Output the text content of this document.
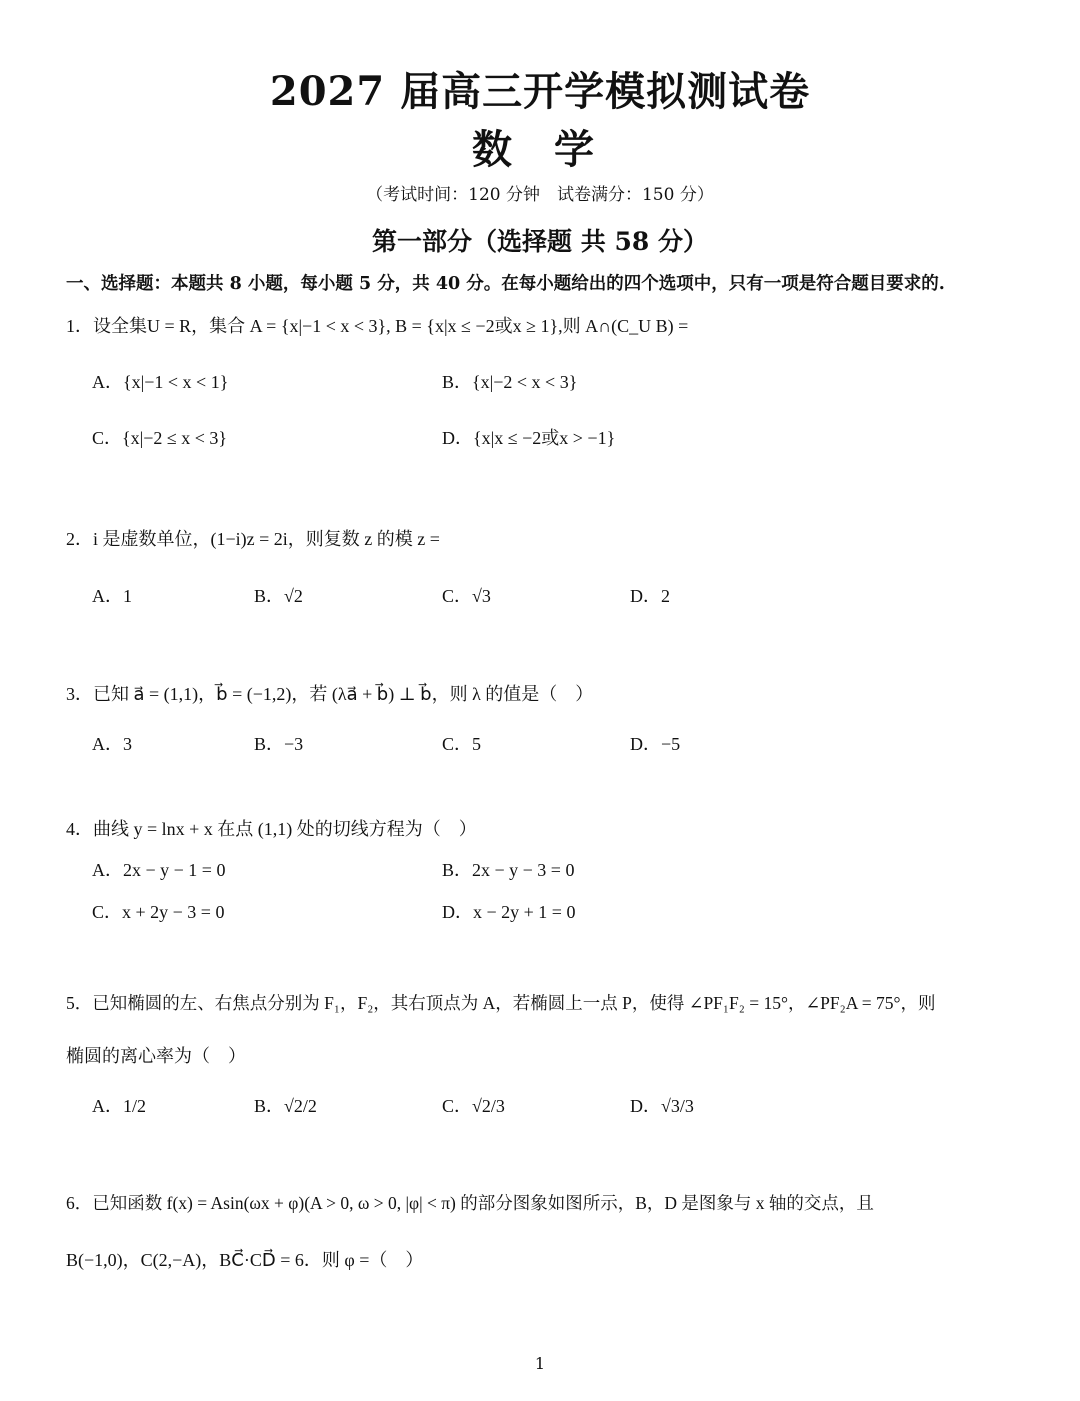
2027 届高三开学模拟测试卷
数 学
（考试时间：120 分钟　试卷满分：150 分）
第一部分（选择题 共 58 分）
一、选择题：本题共 8 小题，每小题 5 分，共 40 分。在每小题给出的四个选项中，只有一项是符合题目要求的.
1．设全集U = R，集合 A = {x|−1 < x < 3}, B = {x|x ≤ −2或x ≥ 1},则 A∩(C_U B) =
A．{x|−1 < x < 1}	B．{x|−2 < x < 3}
C．{x|−2 ≤ x < 3}	D．{x|x ≤ −2或x > −1}
2．i 是虚数单位，(1−i)z = 2i，则复数 z 的模 z =
A．1	B．√2	C．√3	D．2
3．已知 a⃗ = (1,1)，b⃗ = (−1,2)，若 (λa⃗ + b⃗) ⊥ b⃗，则 λ 的值是（　）
A．3	B．−3	C．5	D．−5
4．曲线 y = lnx + x 在点 (1,1) 处的切线方程为（　）
A．2x − y − 1 = 0	B．2x − y − 3 = 0
C．x + 2y − 3 = 0	D．x − 2y + 1 = 0
5．已知椭圆的左、右焦点分别为 F₁，F₂，其右顶点为 A，若椭圆上一点 P，使得 ∠PF₁F₂ = 15°，∠PF₂A = 75°，则
椭圆的离心率为（　）
A．1/2	B．√2/2	C．√2/3	D．√3/3
6．已知函数 f(x) = Asin(ωx + φ)(A > 0, ω > 0, |φ| < π) 的部分图象如图所示，B，D 是图象与 x 轴的交点，且
B(−1,0)，C(2,−A)，BC⃗·CD⃗ = 6．则 φ =（　）
1
